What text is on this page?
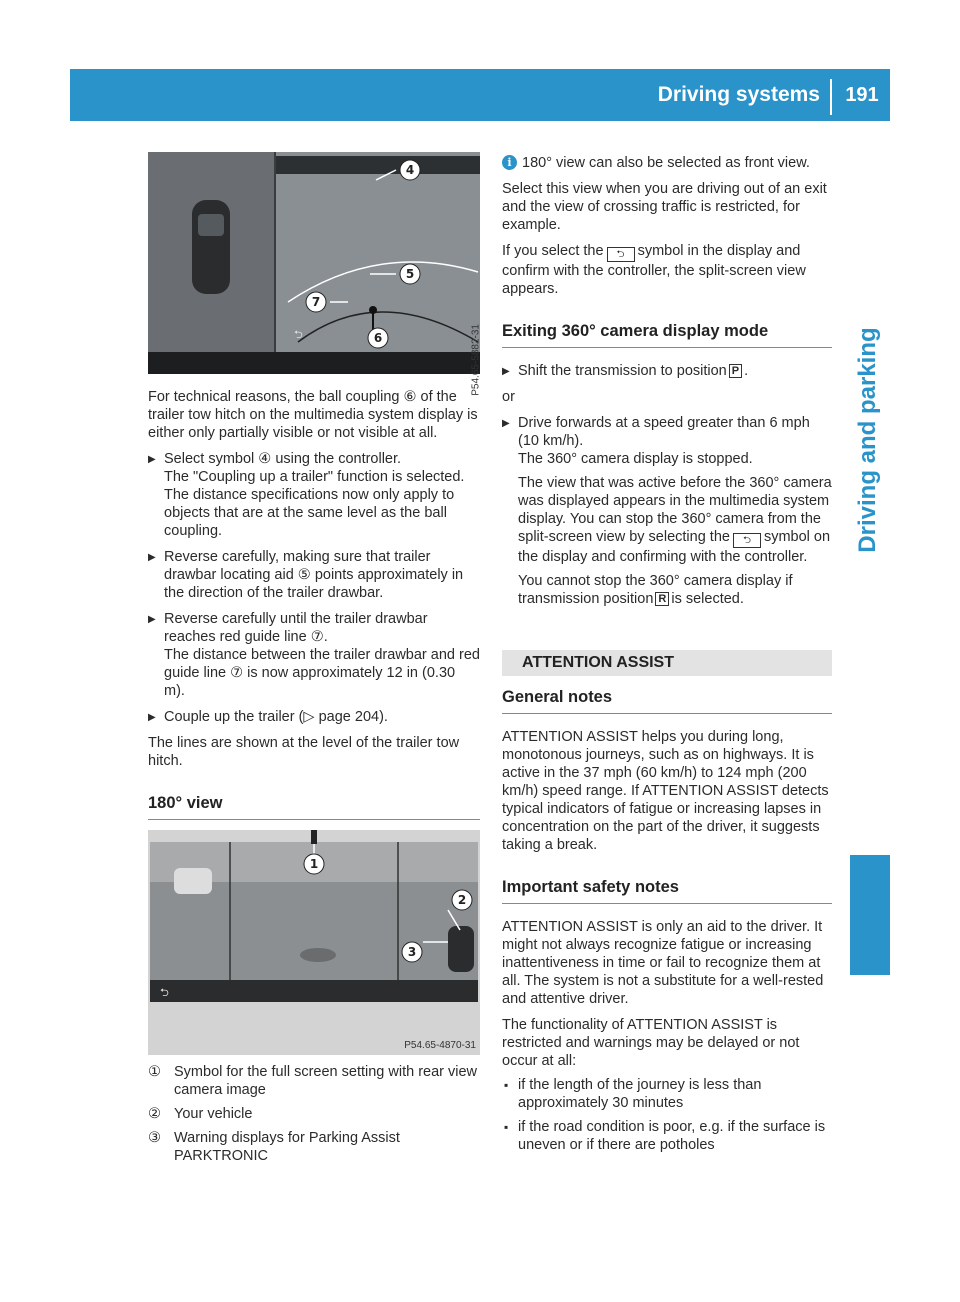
Driving systems	191
Driving and parking
⮌
4
5
6
7
P54.65-5882-31

For technical reasons, the ball coupling ⑥ of the trailer tow hitch on the multimedia system display is either only partially visible or not visible at all.

▶ Select symbol ④ using the controller.

The "Coupling up a trailer" function is selected. The distance specifications now only apply to objects that are at the same level as the ball coupling.

▶ Reverse carefully, making sure that trailer drawbar locating aid ⑤ points approximately in the direction of the trailer drawbar.

▶ Reverse carefully until the trailer drawbar reaches red guide line ⑦.

The distance between the trailer drawbar and red guide line ⑦ is now approximately 12 in (0.30 m).

▶ Couple up the trailer (▷ page 204).

The lines are shown at the level of the trailer tow hitch.

180° view
⮌
1
2
3
P54.65-4870-31

① Symbol for the full screen setting with rear view camera image

② Your vehicle

③ Warning displays for Parking Assist PARKTRONIC

i 180° view can also be selected as front view.

Select this view when you are driving out of an exit and the view of crossing traffic is restricted, for example.

If you select the ⮌ symbol in the display and confirm with the controller, the split-screen view appears.

Exiting 360° camera display mode

▶ Shift the transmission to position P .

or

▶ Drive forwards at a speed greater than 6 mph (10 km/h).

The 360° camera display is stopped.

The view that was active before the 360° camera was displayed appears in the multimedia system display. You can stop the 360° camera from the split-screen view by selecting the ⮌ symbol on the display and confirming with the controller.

You cannot stop the 360° camera display if transmission position R is selected.

ATTENTION ASSIST
General notes

ATTENTION ASSIST helps you during long, monotonous journeys, such as on highways. It is active in the 37 mph (60 km/h) to 124 mph (200 km/h) speed range. If ATTENTION ASSIST detects typical indicators of fatigue or increasing lapses in concentration on the part of the driver, it suggests taking a break.

Important safety notes

ATTENTION ASSIST is only an aid to the driver. It might not always recognize fatigue or increasing inattentiveness in time or fail to recognize them at all. The system is not a substitute for a well-rested and attentive driver.

The functionality of ATTENTION ASSIST is restricted and warnings may be delayed or not occur at all:

▪ if the length of the journey is less than approximately 30 minutes

▪ if the road condition is poor, e.g. if the surface is uneven or if there are potholes
